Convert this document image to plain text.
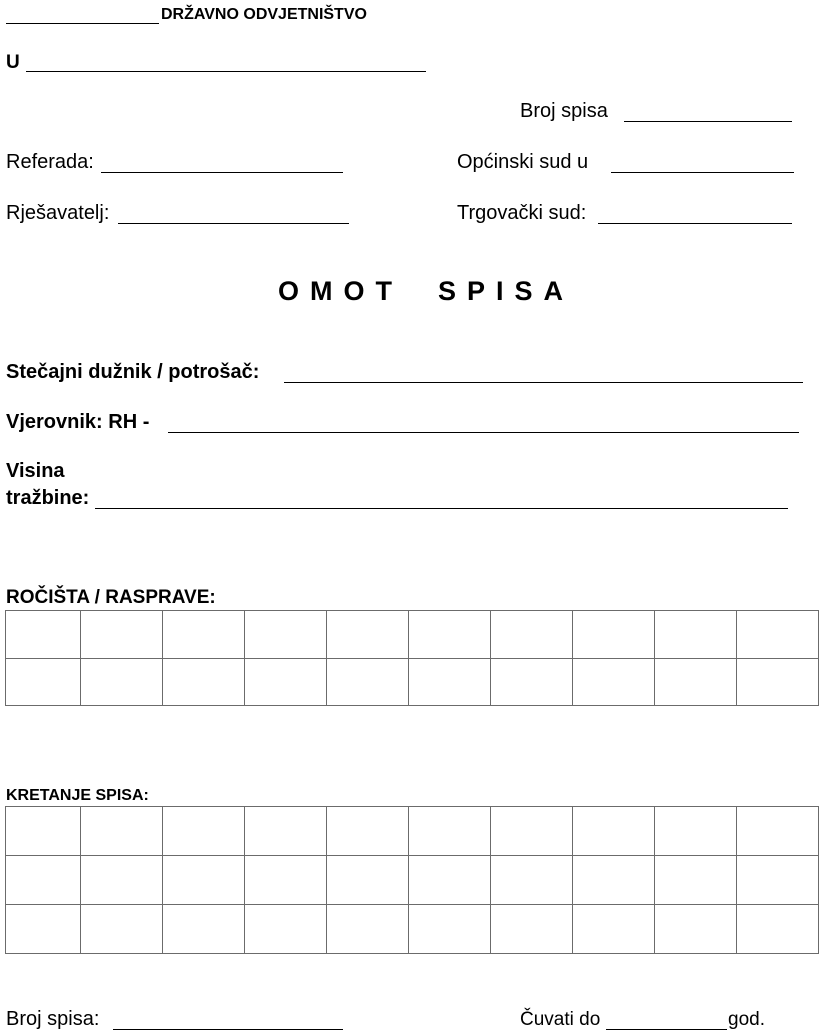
DRŽAVNO ODVJETNIŠTVO
U
Broj spisa
Referada:	Općinski sud u
Rješavatelj:	Trgovački sud:
OMOT SPISA
Stečajni dužnik / potrošač:
Vjerovnik: RH -
Visina
tražbine:
ROČIŠTA / RASPRAVE:

KRETANJE SPISA:

Broj spisa:	Čuvati do	god.
